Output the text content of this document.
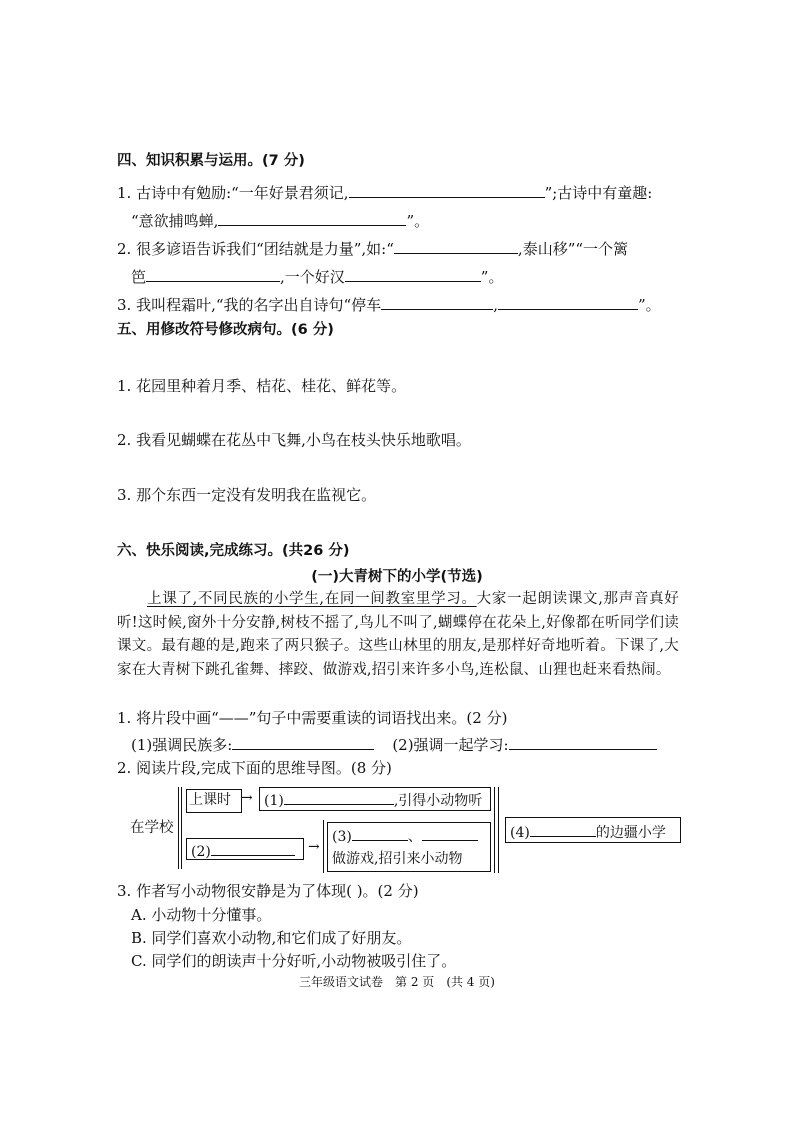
四、知识积累与运用。(7 分)
1. 古诗中有勉励:“一年好景君须记,	”;古诗中有童趣:
“意欲捕鸣蝉,	”。
2. 很多谚语告诉我们“团结就是力量”,如:“	,泰山移”“一个篱
笆	,一个好汉	”。
3. 我叫程霜叶,“我的名字出自诗句“停车	,	”。
五、用修改符号修改病句。(6 分)
1. 花园里种着月季、桔花、桂花、鲜花等。
2. 我看见蝴蝶在花丛中飞舞,小鸟在枝头快乐地歌唱。
3. 那个东西一定没有发明我在监视它。
六、快乐阅读,完成练习。(共26 分)
(一)大青树下的小学(节选)
上课了,不同民族的小学生,在同一间教室里学习。大家一起朗读课文,那声音真好听!这时候,窗外十分安静,树枝不摇了,鸟儿不叫了,蝴蝶停在花朵上,好像都在听同学们读课文。最有趣的是,跑来了两只猴子。这些山林里的朋友,是那样好奇地听着。下课了,大家在大青树下跳孔雀舞、摔跤、做游戏,招引来许多小鸟,连松鼠、山狸也赶来看热闹。
1. 将片段中画“——”句子中需要重读的词语找出来。(2 分)
(1)强调民族多:	(2)强调一起学习:
2. 阅读片段,完成下面的思维导图。(8 分)
在学校
上课时 → (1)	,引得小动物听
(2)	→
(3)	、
做游戏,招引来小动物
(4)	的边疆小学
3. 作者写小动物很安静是为了体现( )。(2 分)
A. 小动物十分懂事。
B. 同学们喜欢小动物,和它们成了好朋友。
C. 同学们的朗读声十分好听,小动物被吸引住了。
三年级语文试卷 第 2 页 (共 4 页)
